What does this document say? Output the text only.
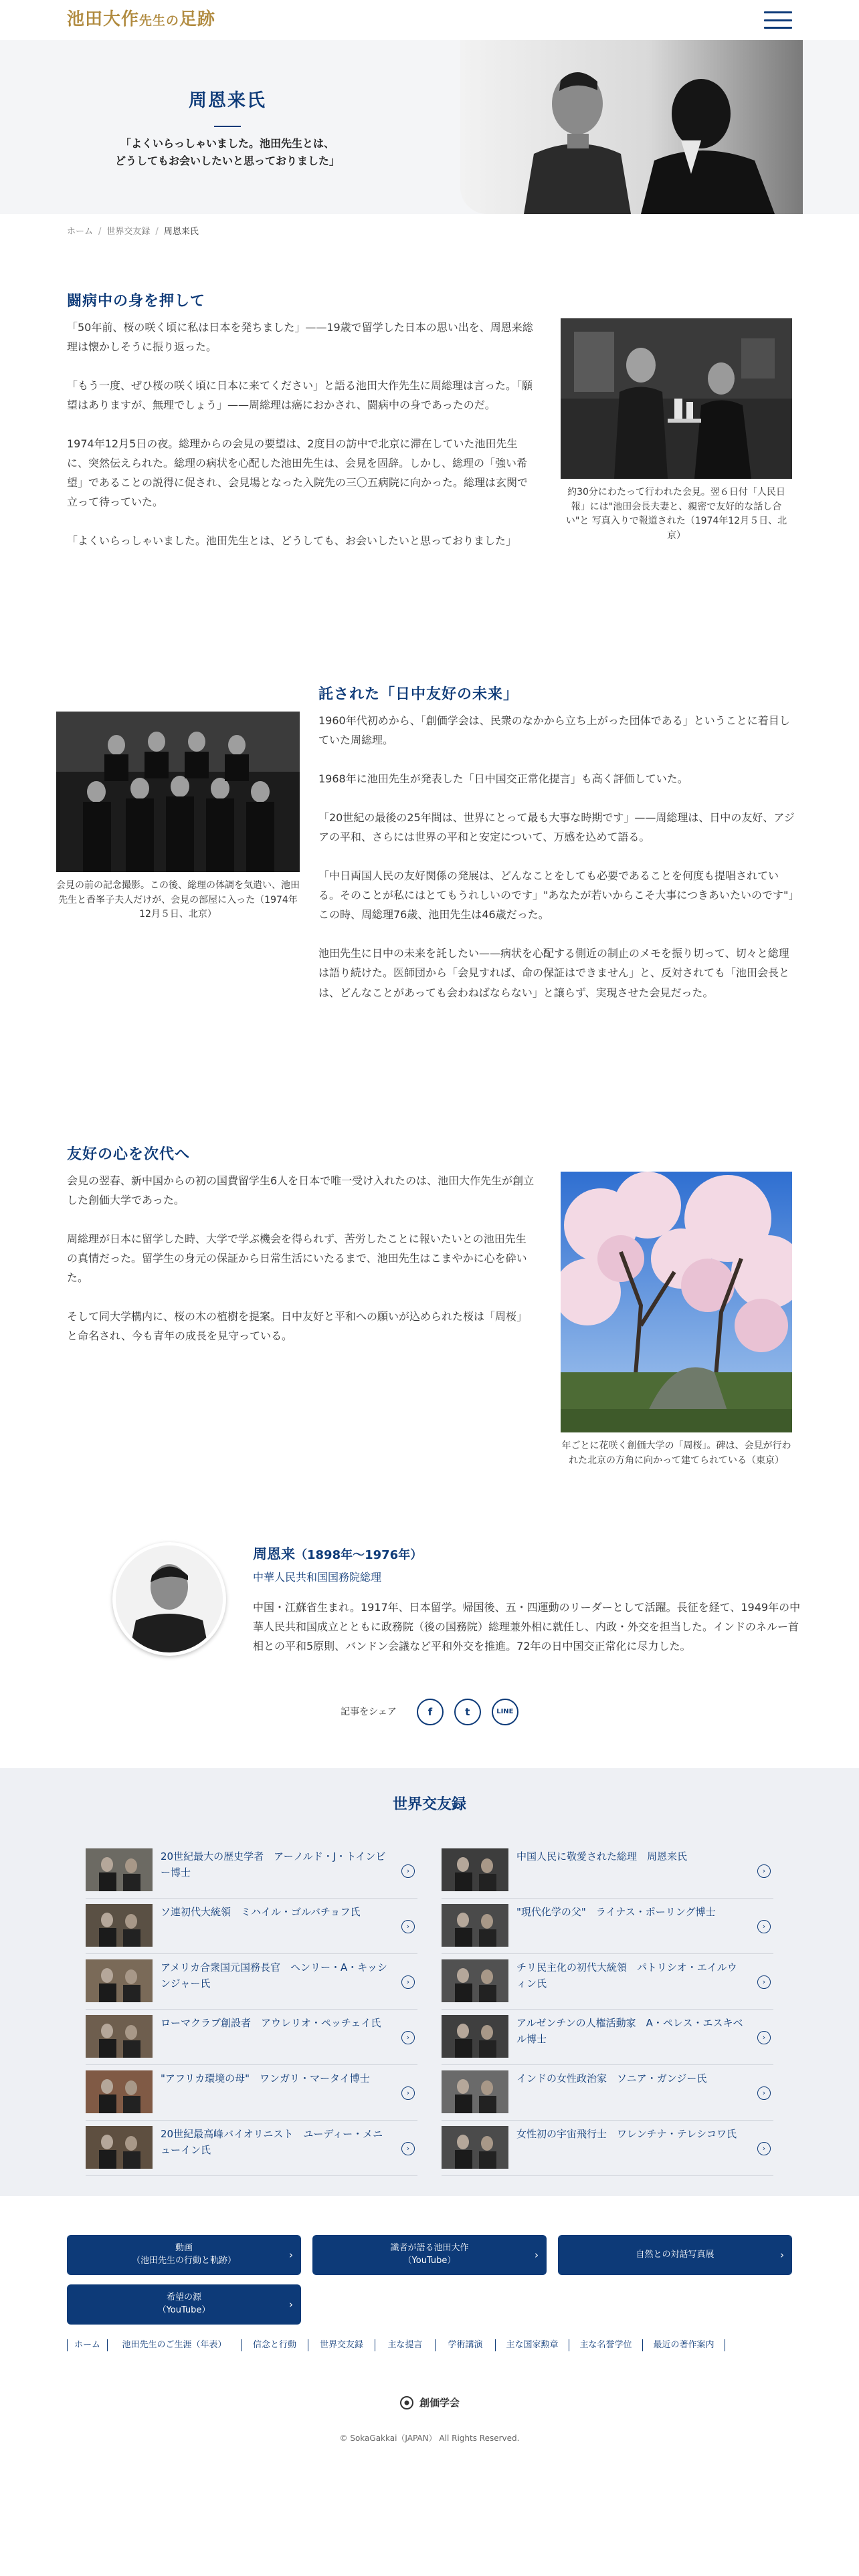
池田大作先生の足跡
周恩来氏
「よくいらっしゃいました。池田先生とは、
どうしてもお会いしたいと思っておりました」
ホーム / 世界交友録 / 周恩来氏
闘病中の身を押して

「50年前、桜の咲く頃に私は日本を発ちました」——19歳で留学した日本の思い出を、周恩来総理は懐かしそうに振り返った。

「もう一度、ぜひ桜の咲く頃に日本に来てください」と語る池田大作先生に周総理は言った。「願望はありますが、無理でしょう」——周総理は癌におかされ、闘病中の身であったのだ。

1974年12月5日の夜。総理からの会見の要望は、2度目の訪中で北京に滞在していた池田先生に、突然伝えられた。総理の病状を心配した池田先生は、会見を固辞。しかし、総理の「強い希望」であることの説得に促され、会見場となった入院先の三〇五病院に向かった。総理は玄関で立って待っていた。

「よくいらっしゃいました。池田先生とは、どうしても、お会いしたいと思っておりました」

約30分にわたって行われた会見。翌６日付「人民日報」には"池田会長夫妻と、親密で友好的な話し合い"と 写真入りで報道された（1974年12月５日、北京）

会見の前の記念撮影。この後、総理の体調を気遣い、池田先生と香峯子夫人だけが、会見の部屋に入った（1974年12月５日、北京）

託された「日中友好の未来」

1960年代初めから、「創価学会は、民衆のなかから立ち上がった団体である」ということに着目していた周総理。

1968年に池田先生が発表した「日中国交正常化提言」も高く評価していた。

「20世紀の最後の25年間は、世界にとって最も大事な時期です」——周総理は、日中の友好、アジアの平和、さらには世界の平和と安定について、万感を込めて語る。

「中日両国人民の友好関係の発展は、どんなことをしても必要であることを何度も提唱されている。そのことが私にはとてもうれしいのです」"あなたが若いからこそ大事につきあいたいのです"」この時、周総理76歳、池田先生は46歳だった。

池田先生に日中の未来を託したい——病状を心配する側近の制止のメモを振り切って、切々と総理は語り続けた。医師団から「会見すれば、命の保証はできません」と、反対されても「池田会長とは、どんなことがあっても会わねばならない」と譲らず、実現させた会見だった。

友好の心を次代へ

会見の翌春、新中国からの初の国費留学生6人を日本で唯一受け入れたのは、池田大作先生が創立した創価大学であった。

周総理が日本に留学した時、大学で学ぶ機会を得られず、苦労したことに報いたいとの池田先生の真情だった。留学生の身元の保証から日常生活にいたるまで、池田先生はこまやかに心を砕いた。

そして同大学構内に、桜の木の植樹を提案。日中友好と平和への願いが込められた桜は「周桜」と命名され、今も青年の成長を見守っている。

年ごとに花咲く創価大学の「周桜」。碑は、会見が行われた北京の方角に向かって建てられている（東京）

周恩来（1898年～1976年）
中華人民共和国国務院総理
中国・江蘇省生まれ。1917年、日本留学。帰国後、五・四運動のリーダーとして活躍。長征を経て、1949年の中華人民共和国成立とともに政務院（後の国務院）総理兼外相に就任し、内政・外交を担当した。インドのネルー首相との平和5原則、バンドン会議など平和外交を推進。72年の日中国交正常化に尽力した。
記事をシェア	f	t	LINE
世界交友録
20世紀最大の歴史学者　アーノルド・J・トインビー博士	›
中国人民に敬愛された総理　周恩来氏
›
ソ連初代大統領　ミハイル・ゴルバチョフ氏
›
"現代化学の父"　ライナス・ポーリング博士
›
アメリカ合衆国元国務長官　ヘンリー・A・キッシンジャー氏	›
チリ民主化の初代大統領　パトリシオ・エイルウィン氏	›
ローマクラブ創設者　アウレリオ・ペッチェイ氏
›
アルゼンチンの人権活動家　A・ペレス・エスキベル博士	›
"アフリカ環境の母"　ワンガリ・マータイ博士
›
インドの女性政治家　ソニア・ガンジー氏
›
20世紀最高峰バイオリニスト　ユーディー・メニューイン氏	›
女性初の宇宙飛行士　ワレンチナ・テレシコワ氏
›
動画
（池田先生の行動と軌跡）	›
識者が語る池田大作
（YouTube）	›	自然との対話写真展	›
希望の源
（YouTube）	›
ホーム	池田先生のご生涯（年表）	信念と行動	世界交友録	主な提言	学術講演	主な国家勲章	主な名誉学位	最近の著作案内
創価学会
© SokaGakkai（JAPAN） All Rights Reserved.
